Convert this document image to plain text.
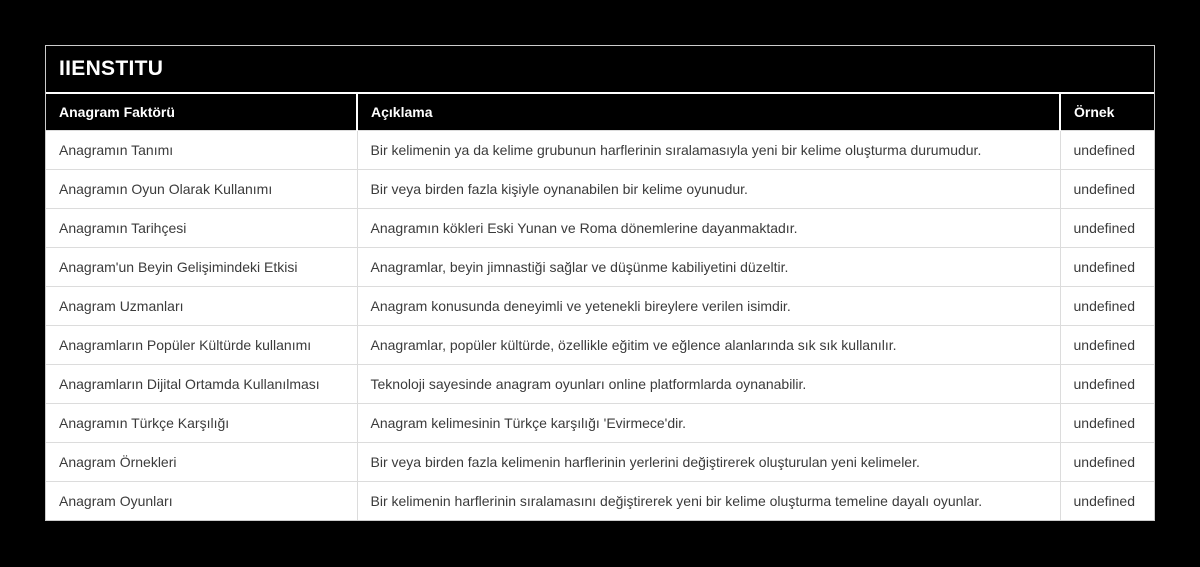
IIENSTITU
Anagram Faktörü	Açıklama	Örnek
Anagramın Tanımı	Bir kelimenin ya da kelime grubunun harflerinin sıralamasıyla yeni bir kelime oluşturma durumudur.	undefined
Anagramın Oyun Olarak Kullanımı	Bir veya birden fazla kişiyle oynanabilen bir kelime oyunudur.	undefined
Anagramın Tarihçesi	Anagramın kökleri Eski Yunan ve Roma dönemlerine dayanmaktadır.	undefined
Anagram'un Beyin Gelişimindeki Etkisi	Anagramlar, beyin jimnastiği sağlar ve düşünme kabiliyetini düzeltir.	undefined
Anagram Uzmanları	Anagram konusunda deneyimli ve yetenekli bireylere verilen isimdir.	undefined
Anagramların Popüler Kültürde kullanımı	Anagramlar, popüler kültürde, özellikle eğitim ve eğlence alanlarında sık sık kullanılır.	undefined
Anagramların Dijital Ortamda Kullanılması	Teknoloji sayesinde anagram oyunları online platformlarda oynanabilir.	undefined
Anagramın Türkçe Karşılığı	Anagram kelimesinin Türkçe karşılığı 'Evirmece'dir.	undefined
Anagram Örnekleri	Bir veya birden fazla kelimenin harflerinin yerlerini değiştirerek oluşturulan yeni kelimeler.	undefined
Anagram Oyunları	Bir kelimenin harflerinin sıralamasını değiştirerek yeni bir kelime oluşturma temeline dayalı oyunlar.	undefined
